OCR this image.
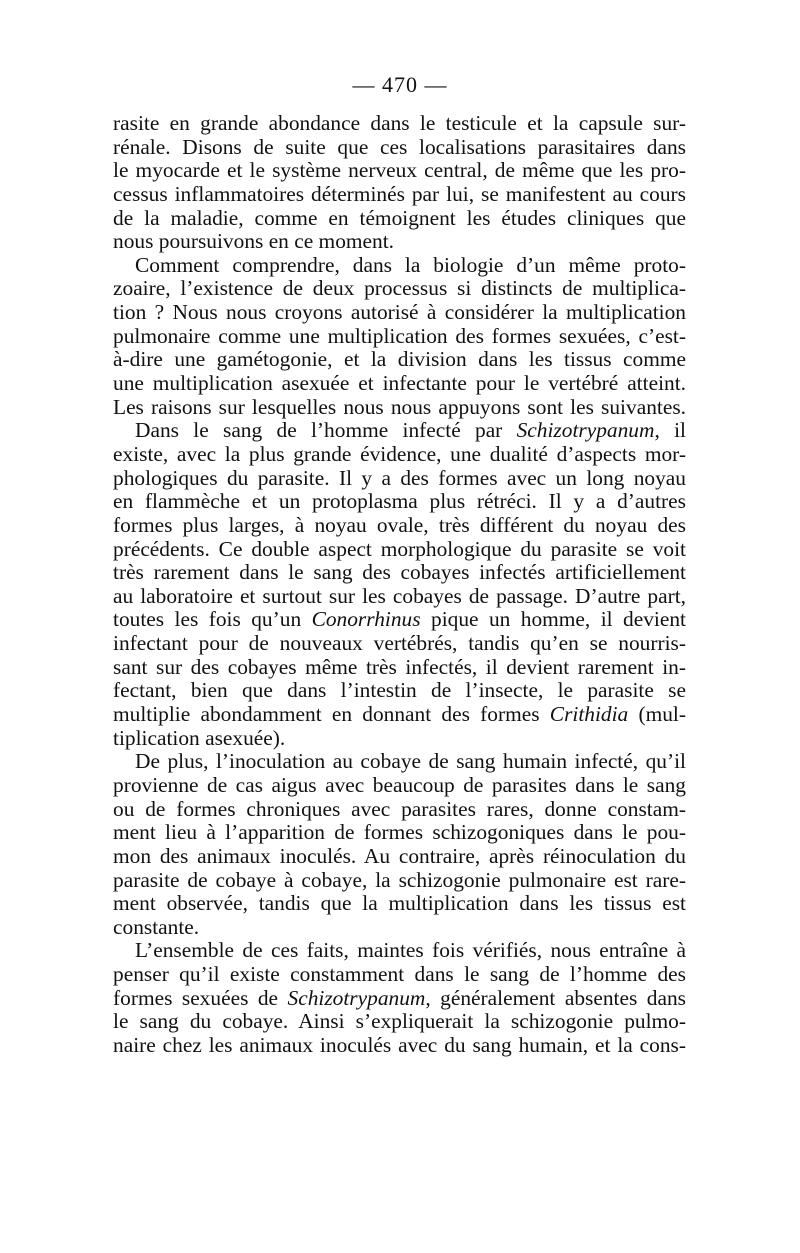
— 470 —
rasite en grande abondance dans le testicule et la capsule sur-
rénale. Disons de suite que ces localisations parasitaires dans
le myocarde et le système nerveux central, de même que les pro-
cessus inflammatoires déterminés par lui, se manifestent au cours
de la maladie, comme en témoignent les études cliniques que
nous poursuivons en ce moment.
Comment comprendre, dans la biologie d’un même proto-
zoaire, l’existence de deux processus si distincts de multiplica-
tion ? Nous nous croyons autorisé à considérer la multiplication
pulmonaire comme une multiplication des formes sexuées, c’est-
à-dire une gamétogonie, et la division dans les tissus comme
une multiplication asexuée et infectante pour le vertébré atteint.
Les raisons sur lesquelles nous nous appuyons sont les suivantes.
Dans le sang de l’homme infecté par Schizotrypanum, il
existe, avec la plus grande évidence, une dualité d’aspects mor-
phologiques du parasite. Il y a des formes avec un long noyau
en flammèche et un protoplasma plus rétréci. Il y a d’autres
formes plus larges, à noyau ovale, très différent du noyau des
précédents. Ce double aspect morphologique du parasite se voit
très rarement dans le sang des cobayes infectés artificiellement
au laboratoire et surtout sur les cobayes de passage. D’autre part,
toutes les fois qu’un Conorrhinus pique un homme, il devient
infectant pour de nouveaux vertébrés, tandis qu’en se nourris-
sant sur des cobayes même très infectés, il devient rarement in-
fectant, bien que dans l’intestin de l’insecte, le parasite se
multiplie abondamment en donnant des formes Crithidia (mul-
tiplication asexuée).
De plus, l’inoculation au cobaye de sang humain infecté, qu’il
provienne de cas aigus avec beaucoup de parasites dans le sang
ou de formes chroniques avec parasites rares, donne constam-
ment lieu à l’apparition de formes schizogoniques dans le pou-
mon des animaux inoculés. Au contraire, après réinoculation du
parasite de cobaye à cobaye, la schizogonie pulmonaire est rare-
ment observée, tandis que la multiplication dans les tissus est
constante.
L’ensemble de ces faits, maintes fois vérifiés, nous entraîne à
penser qu’il existe constamment dans le sang de l’homme des
formes sexuées de Schizotrypanum, généralement absentes dans
le sang du cobaye. Ainsi s’expliquerait la schizogonie pulmo-
naire chez les animaux inoculés avec du sang humain, et la cons-
